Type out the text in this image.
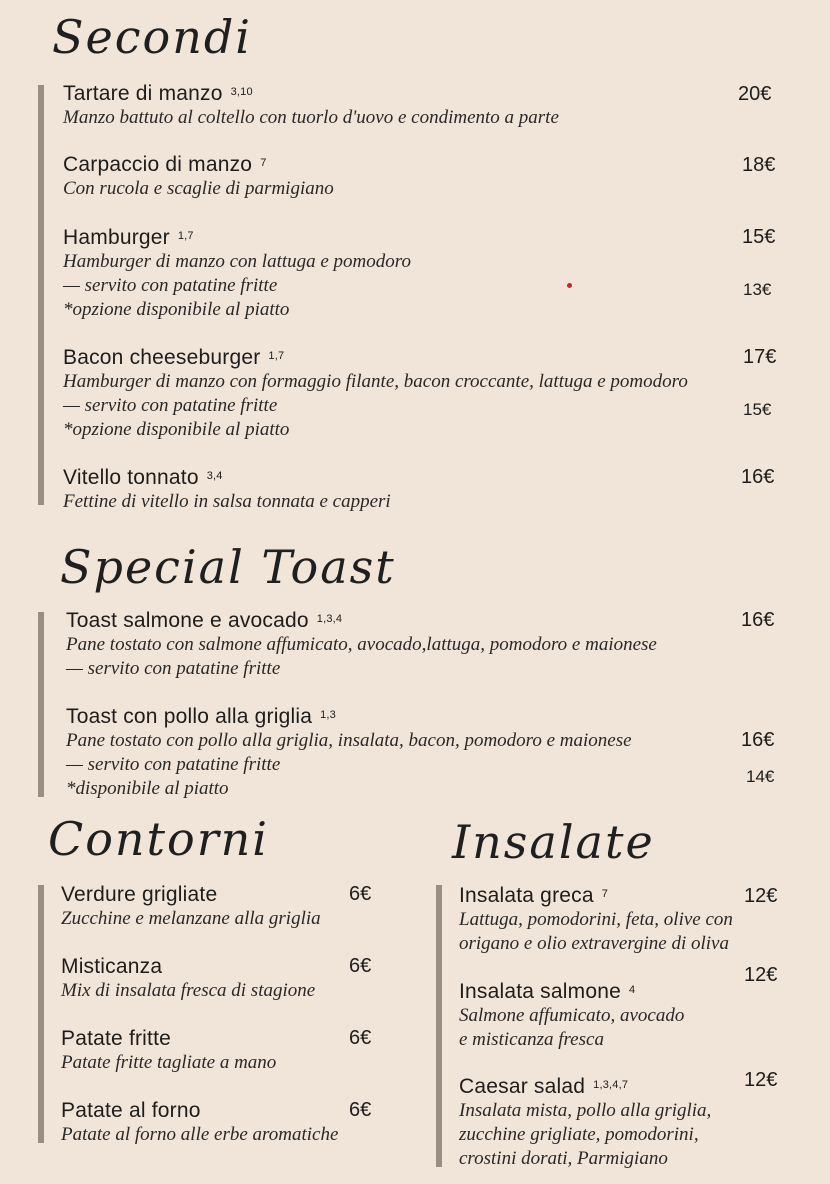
Secondi
Tartare di manzo $^{3,10}$
Manzo battuto al coltello con tuorlo d'uovo e condimento a parte
20€
Carpaccio di manzo $^7$
Con rucola e scaglie di parmigiano
18€
Hamburger $^{1,7}$
Hamburger di manzo con lattuga e pomodoro
— servito con patatine fritte
*opzione disponibile al piatto
15€
13€
Bacon cheeseburger $^{1,7}$
Hamburger di manzo con formaggio filante, bacon croccante, lattuga e pomodoro
— servito con patatine fritte
*opzione disponibile al piatto
17€
15€
Vitello tonnato $^{3,4}$
Fettine di vitello in salsa tonnata e capperi
16€
Special Toast
Toast salmone e avocado $^{1,3,4}$
Pane tostato con salmone affumicato, avocado,lattuga, pomodoro e maionese
— servito con patatine fritte
16€
Toast con pollo alla griglia $^{1,3}$
Pane tostato con pollo alla griglia, insalata, bacon, pomodoro e maionese
— servito con patatine fritte
*disponibile al piatto
16€
14€
Contorni
Verdure grigliate
Zucchine e melanzane alla griglia
6€
Misticanza
Mix di insalata fresca di stagione
6€
Patate fritte
Patate fritte tagliate a mano
6€
Patate al forno
Patate al forno alle erbe aromatiche
6€
Insalate
Insalata greca $^7$
Lattuga, pomodorini, feta, olive con
origano e olio extravergine di oliva
12€
Insalata salmone $^4$
Salmone affumicato, avocado
e misticanza fresca
12€
Caesar salad $^{1,3,4,7}$
Insalata mista, pollo alla griglia,
zucchine grigliate, pomodorini,
crostini dorati, Parmigiano
12€
